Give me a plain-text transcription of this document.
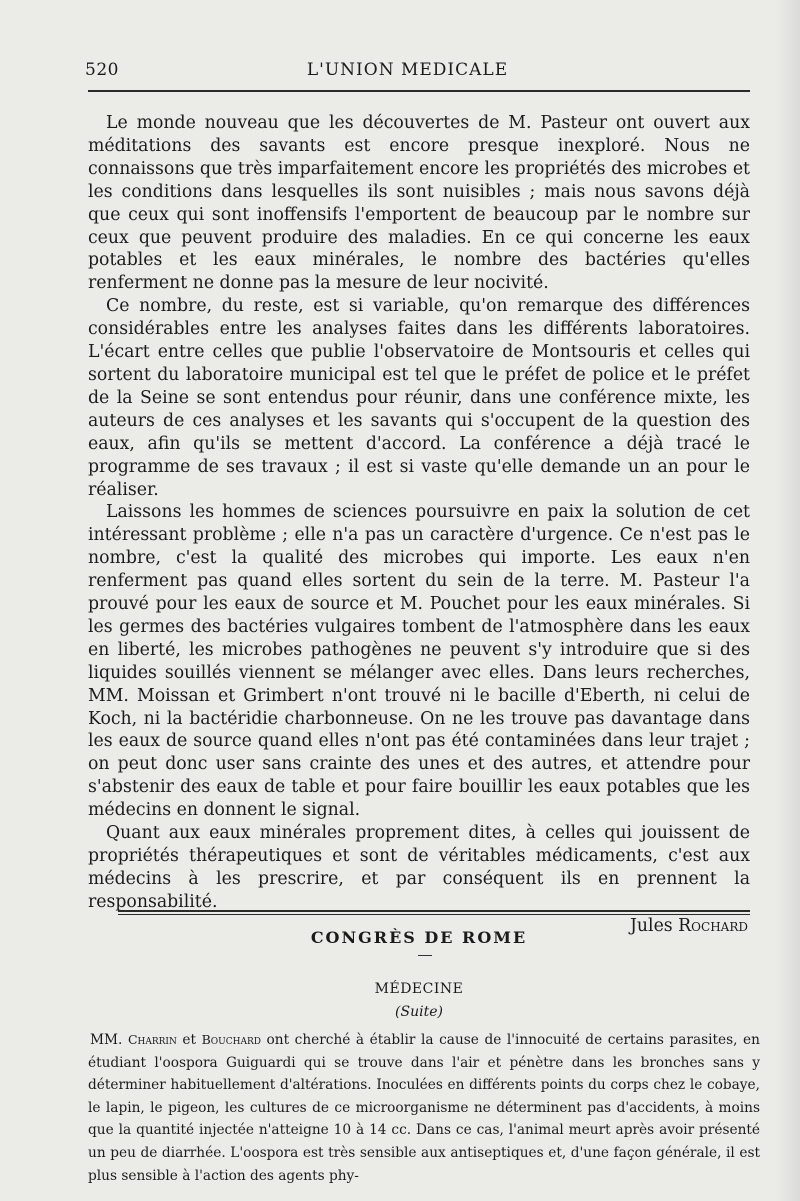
520	L'UNION MEDICALE

Le monde nouveau que les découvertes de M. Pasteur ont ouvert aux méditations des savants est encore presque inexploré. Nous ne connaissons que très imparfaitement encore les propriétés des microbes et les conditions dans lesquelles ils sont nuisibles ; mais nous savons déjà que ceux qui sont inoffensifs l'emportent de beaucoup par le nombre sur ceux que peuvent produire des maladies. En ce qui concerne les eaux potables et les eaux minérales, le nombre des bactéries qu'elles renferment ne donne pas la mesure de leur nocivité.

Ce nombre, du reste, est si variable, qu'on remarque des différences considérables entre les analyses faites dans les différents laboratoires. L'écart entre celles que publie l'observatoire de Montsouris et celles qui sortent du laboratoire municipal est tel que le préfet de police et le préfet de la Seine se sont entendus pour réunir, dans une conférence mixte, les auteurs de ces analyses et les savants qui s'occupent de la question des eaux, afin qu'ils se mettent d'accord. La conférence a déjà tracé le programme de ses travaux ; il est si vaste qu'elle demande un an pour le réaliser.

Laissons les hommes de sciences poursuivre en paix la solution de cet intéressant problème ; elle n'a pas un caractère d'urgence. Ce n'est pas le nombre, c'est la qualité des microbes qui importe. Les eaux n'en renferment pas quand elles sortent du sein de la terre. M. Pasteur l'a prouvé pour les eaux de source et M. Pouchet pour les eaux minérales. Si les germes des bactéries vulgaires tombent de l'atmosphère dans les eaux en liberté, les microbes pathogènes ne peuvent s'y introduire que si des liquides souillés viennent se mélanger avec elles. Dans leurs recherches, MM. Moissan et Grimbert n'ont trouvé ni le bacille d'Eberth, ni celui de Koch, ni la bactéridie charbonneuse. On ne les trouve pas davantage dans les eaux de source quand elles n'ont pas été contaminées dans leur trajet ; on peut donc user sans crainte des unes et des autres, et attendre pour s'abstenir des eaux de table et pour faire bouillir les eaux potables que les médecins en donnent le signal.

Quant aux eaux minérales proprement dites, à celles qui jouissent de propriétés thérapeutiques et sont de véritables médicaments, c'est aux médecins à les prescrire, et par conséquent ils en prennent la responsabilité.

Jules Rochard
CONGRÈS DE ROME
MÉDECINE
(Suite)

MM. Charrin et Bouchard ont cherché à établir la cause de l'innocuité de certains parasites, en étudiant l'oospora Guiguardi qui se trouve dans l'air et pénètre dans les bronches sans y déterminer habituellement d'altérations. Inoculées en différents points du corps chez le cobaye, le lapin, le pigeon, les cultures de ce microorganisme ne déterminent pas d'accidents, à moins que la quantité injectée n'atteigne 10 à 14 cc. Dans ce cas, l'animal meurt après avoir présenté un peu de diarrhée. L'oospora est très sensible aux antiseptiques et, d'une façon générale, il est plus sensible à l'action des agents phy-
